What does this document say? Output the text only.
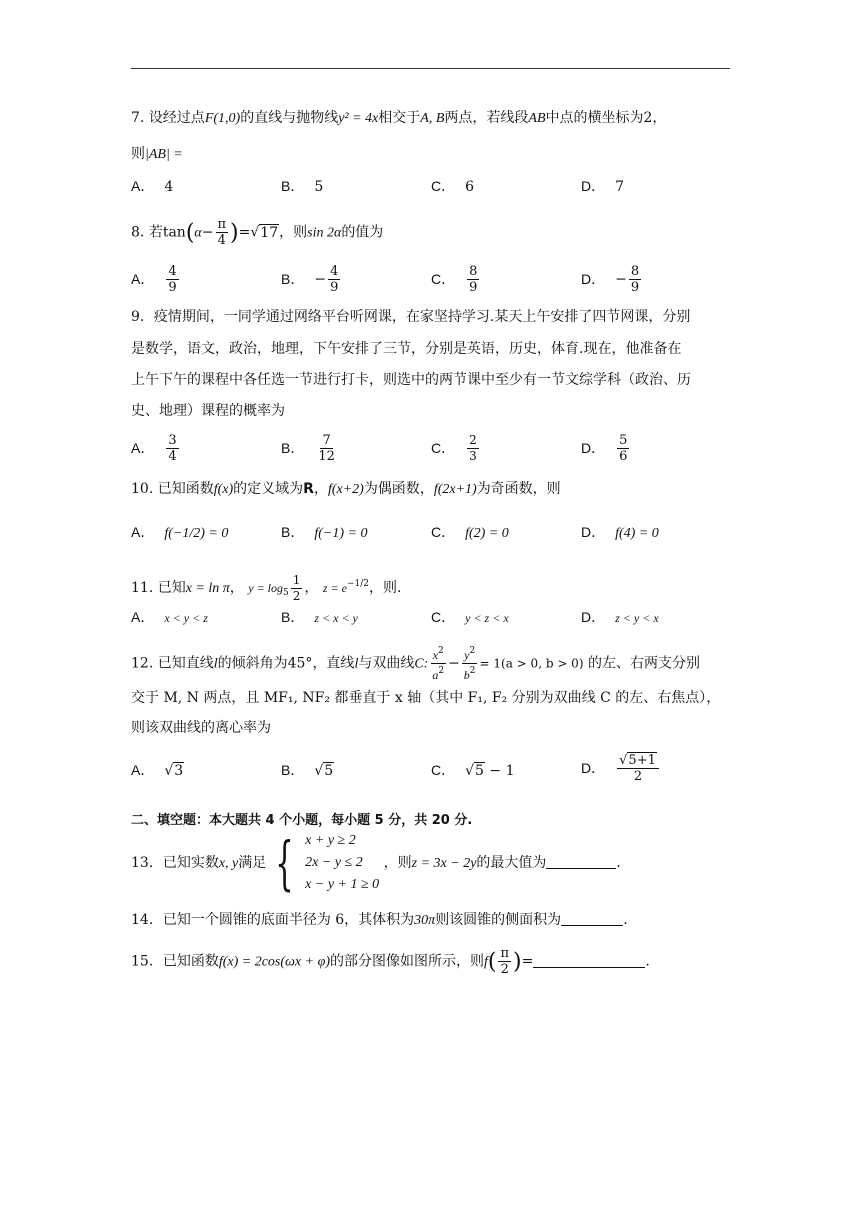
7. 设经过点F(1,0)的直线与抛物线y² = 4x相交于A, B两点，若线段AB中点的横坐标为2，
则|AB| =
A． 4	B． 5	C． 6	D． 7
8. 若$\tan(\alpha- \frac{\pi}{4} )=√17$，则sin 2α的值为
A． $\frac{4}{9}$	B． − $\frac{4}{9}$	C． $\frac{8}{9}$	D． − $\frac{8}{9}$
9．疫情期间，一同学通过网络平台听网课，在家坚持学习.某天上午安排了四节网课，分别
是数学，语文，政治，地理，下午安排了三节，分别是英语，历史，体育.现在，他准备在
上午下午的课程中各任选一节进行打卡，则选中的两节课中至少有一节文综学科（政治、历
史、地理）课程的概率为
A． $\frac{3}{4}$	B． $\frac{7}{12}$	C． $\frac{2}{3}$	D． $\frac{5}{6}$
10. 已知函数f(x)的定义域为R，f(x+2)为偶函数，f(2x+1)为奇函数，则
A． f(−1/2) = 0	B． f(−1) = 0	C． f(2) = 0	D． f(4) = 0
11. 已知x = ln π， $y = \log_5 \frac{1}{2}$ ， $z = e^{-1/2}$，则.
A． x < y < z	B． z < x < y	C． y < z < x	D． z < y < x
12. 已知直线l的倾斜角为45°，直线l与双曲线C: $\frac{x^2}{a^2} - \frac{y^2}{b^2} = 1(a > 0$, b > 0) 的左、右两支分别
交于 M, N 两点，且 MF₁, NF₂ 都垂直于 x 轴（其中 F₁, F₂ 分别为双曲线 C 的左、右焦点），
则该双曲线的离心率为
A． √3	B． √5	C． √5 − 1	D． $\frac{√5+1}{2}$
二、填空题：本大题共 4 个小题，每小题 5 分，共 20 分.
13．已知实数x, y满足 { x + y ≥ 2
2x − y ≤ 2
x − y + 1 ≥ 0
，则z = 3x − 2y的最大值为	.
14．已知一个圆锥的底面半径为 6，其体积为30π则该圆锥的侧面积为	.
15．已知函数f(x) = 2cos(ωx + φ)的部分图像如图所示，则$f( \frac{\pi}{2}$ )=	.
